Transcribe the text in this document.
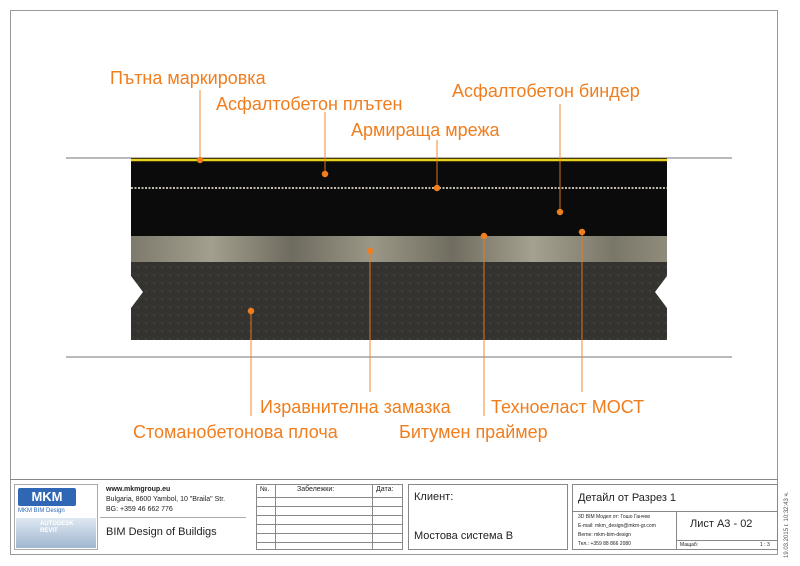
Пътна маркировка
Асфалтобетон плътен
Армираща мрежа
Асфалтобетон биндер
Изравнителна замазка Техноеласт МОСТ
Стоманобетонова плоча	Битумен праймер
MKM
MKM BIM Design
AUTODESK
REVIT
www.mkmgroup.eu
Bulgaria, 8600 Yambol, 10 "Braila" Str.
BG: +359 46 662 776
BIM Design of Buildigs
№.	Забележки:	Дата:
Клиент:
Мостова система В
Детайл от Разрез 1
3D BIM Модел от: Гошо Ганчев
E-mail: mkm_design@mkm-gr.com
Berne: mkm-bim-design
Тел.: +359 88 866 2080
Лист А3 - 02
Мащаб:	1 : 3 19.03.2015 г. 10:32:43 ч.
